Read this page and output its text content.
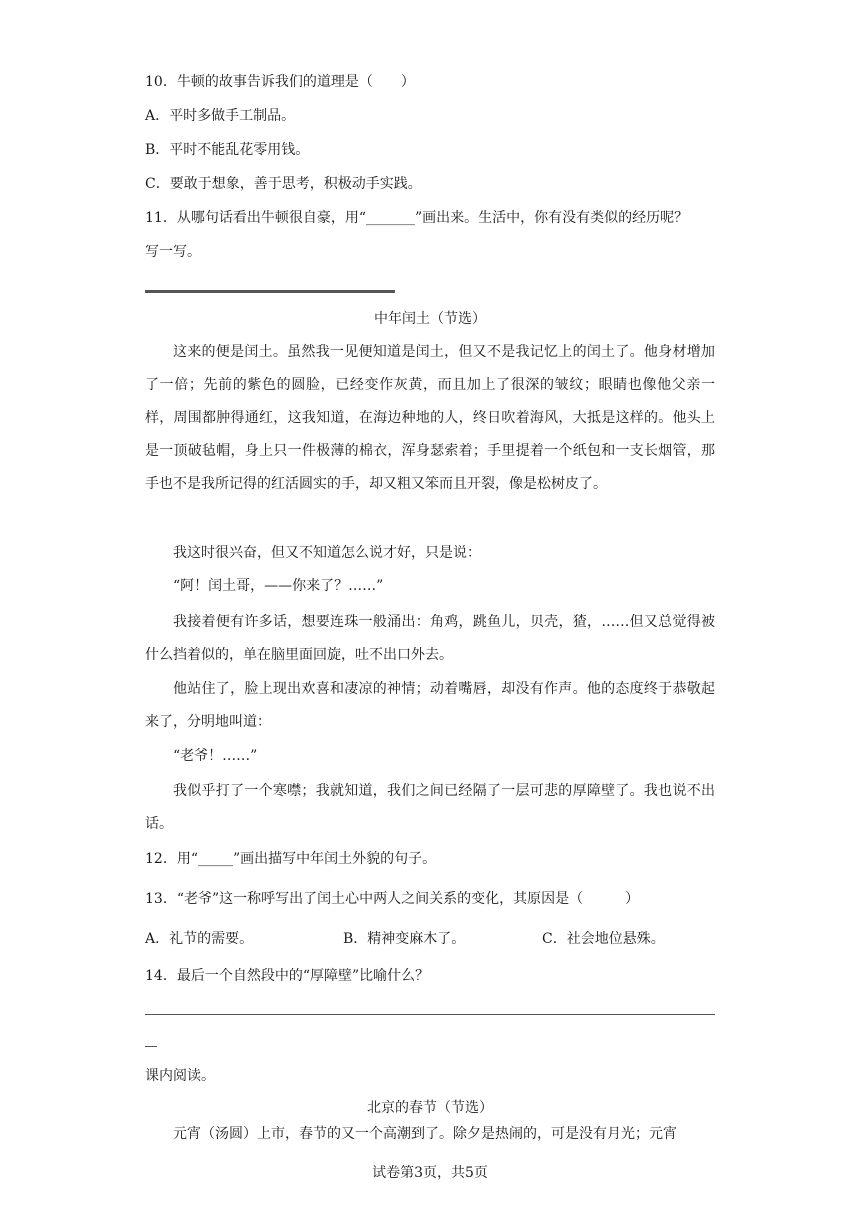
10．牛顿的故事告诉我们的道理是（　　）
A．平时多做手工制品。
B．平时不能乱花零用钱。
C．要敢于想象，善于思考，积极动手实践。
11．从哪句话看出牛顿很自豪，用“_______”画出来。生活中，你有没有类似的经历呢？
写一写。
中年闰土（节选）
这来的便是闰土。虽然我一见便知道是闰土，但又不是我记忆上的闰土了。他身材增加了一倍；先前的紫色的圆脸，已经变作灰黄，而且加上了很深的皱纹；眼睛也像他父亲一样，周围都肿得通红，这我知道，在海边种地的人，终日吹着海风，大抵是这样的。他头上是一顶破毡帽，身上只一件极薄的棉衣，浑身瑟索着；手里提着一个纸包和一支长烟管，那手也不是我所记得的红活圆实的手，却又粗又笨而且开裂，像是松树皮了。
我这时很兴奋，但又不知道怎么说才好，只是说：
“阿！闰土哥，——你来了？……”
我接着便有许多话，想要连珠一般涌出：角鸡，跳鱼儿，贝壳，猹，……但又总觉得被什么挡着似的，单在脑里面回旋，吐不出口外去。
他站住了，脸上现出欢喜和凄凉的神情；动着嘴唇，却没有作声。他的态度终于恭敬起来了，分明地叫道：
“老爷！……”
我似乎打了一个寒噤；我就知道，我们之间已经隔了一层可悲的厚障壁了。我也说不出话。
12．用“_____”画出描写中年闰土外貌的句子。
13．“老爷”这一称呼写出了闰土心中两人之间关系的变化，其原因是（　　　）
A．礼节的需要。	B．精神变麻木了。	C．社会地位悬殊。
14．最后一个自然段中的“厚障壁”比喻什么？
课内阅读。
北京的春节（节选）
元宵（汤圆）上市，春节的又一个高潮到了。除夕是热闹的，可是没有月光；元宵
试卷第3页，共5页
